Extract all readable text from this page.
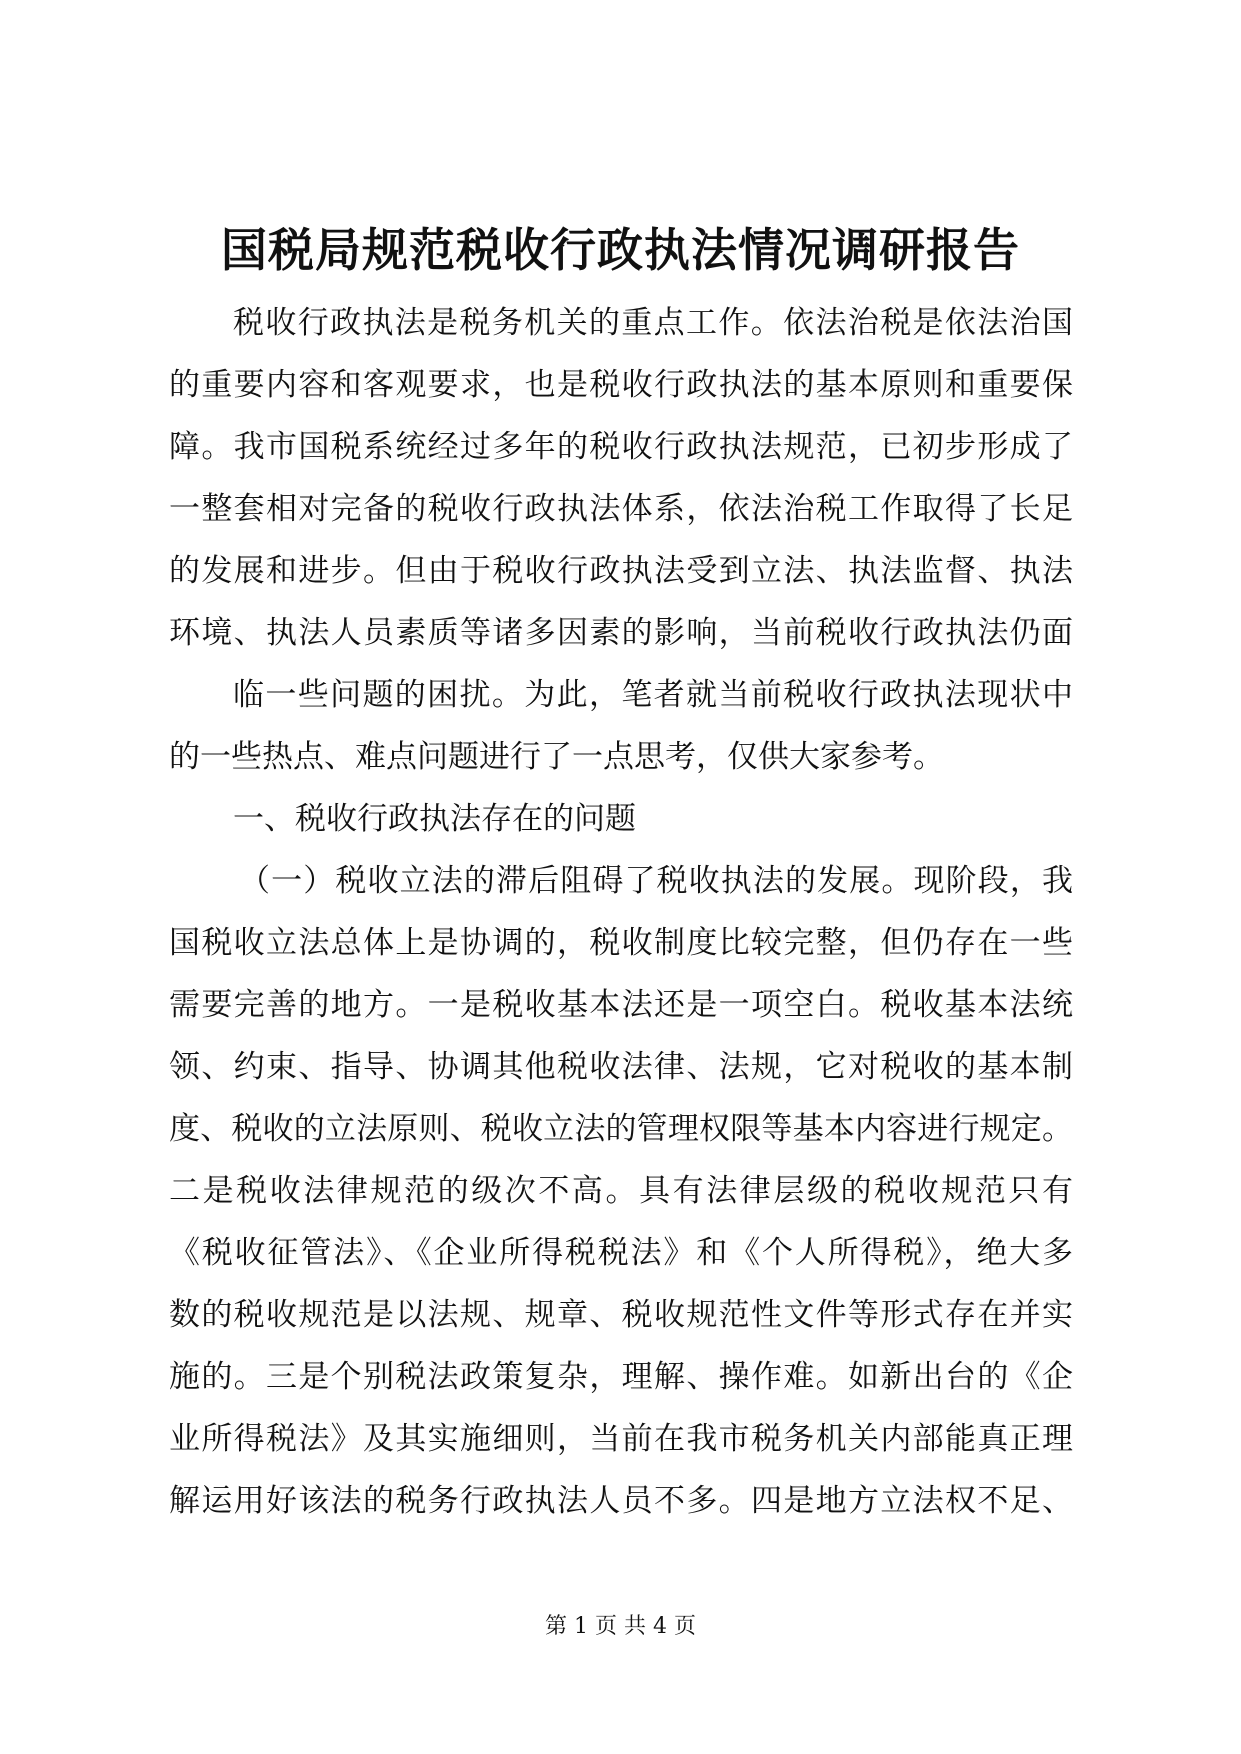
国税局规范税收行政执法情况调研报告
税收行政执法是税务机关的重点工作。依法治税是依法治国
的重要内容和客观要求，也是税收行政执法的基本原则和重要保
障。我市国税系统经过多年的税收行政执法规范，已初步形成了
一整套相对完备的税收行政执法体系，依法治税工作取得了长足
的发展和进步。但由于税收行政执法受到立法、执法监督、执法
环境、执法人员素质等诸多因素的影响，当前税收行政执法仍面
临一些问题的困扰。为此，笔者就当前税收行政执法现状中
的一些热点、难点问题进行了一点思考，仅供大家参考。
一、税收行政执法存在的问题
（一）税收立法的滞后阻碍了税收执法的发展。现阶段，我
国税收立法总体上是协调的，税收制度比较完整，但仍存在一些
需要完善的地方。一是税收基本法还是一项空白。税收基本法统
领、约束、指导、协调其他税收法律、法规，它对税收的基本制
度、税收的立法原则、税收立法的管理权限等基本内容进行规定。
二是税收法律规范的级次不高。具有法律层级的税收规范只有
《税收征管法》、《企业所得税税法》和《个人所得税》，绝大多
数的税收规范是以法规、规章、税收规范性文件等形式存在并实
施的。三是个别税法政策复杂，理解、操作难。如新出台的《企
业所得税法》及其实施细则，当前在我市税务机关内部能真正理
解运用好该法的税务行政执法人员不多。四是地方立法权不足、
第 1 页 共 4 页
